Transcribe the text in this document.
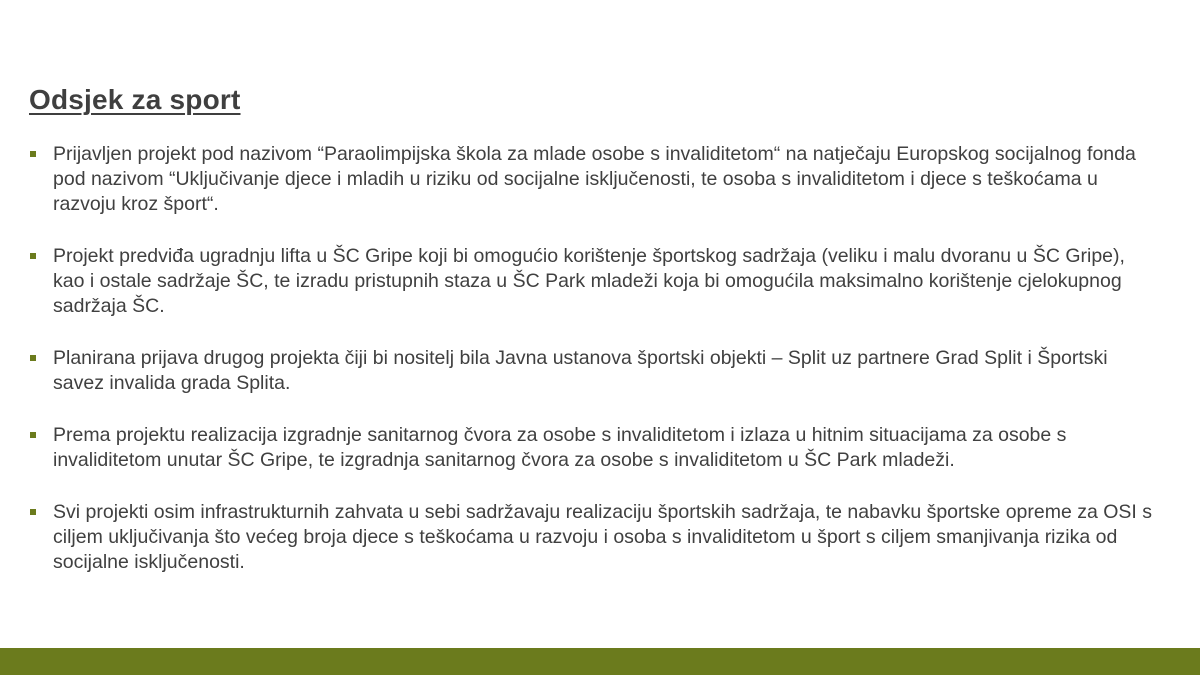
Odsjek za sport
Prijavljen projekt pod nazivom “Paraolimpijska škola za mlade osobe s invaliditetom“ na natječaju Europskog socijalnog fonda pod nazivom “Uključivanje djece i mladih u riziku od socijalne isključenosti, te osoba s invaliditetom i djece s teškoćama u razvoju kroz šport“.
Projekt predviđa ugradnju lifta u ŠC Gripe koji bi omogućio korištenje športskog sadržaja (veliku i malu dvoranu u ŠC Gripe), kao i ostale sadržaje ŠC, te izradu pristupnih staza u ŠC Park mladeži koja bi omogućila maksimalno korištenje cjelokupnog sadržaja ŠC.
Planirana prijava drugog projekta čiji bi nositelj bila Javna ustanova športski objekti – Split uz partnere Grad Split i Športski savez invalida grada Splita.
Prema projektu realizacija izgradnje sanitarnog čvora za osobe s invaliditetom i izlaza u hitnim situacijama za osobe s invaliditetom unutar ŠC Gripe, te izgradnja sanitarnog čvora za osobe s invaliditetom u ŠC Park mladeži.
Svi projekti osim infrastrukturnih zahvata u sebi sadržavaju realizaciju športskih sadržaja, te nabavku športske opreme za OSI s ciljem uključivanja što većeg broja djece s teškoćama u razvoju i osoba s invaliditetom u šport s ciljem smanjivanja rizika od socijalne isključenosti.
